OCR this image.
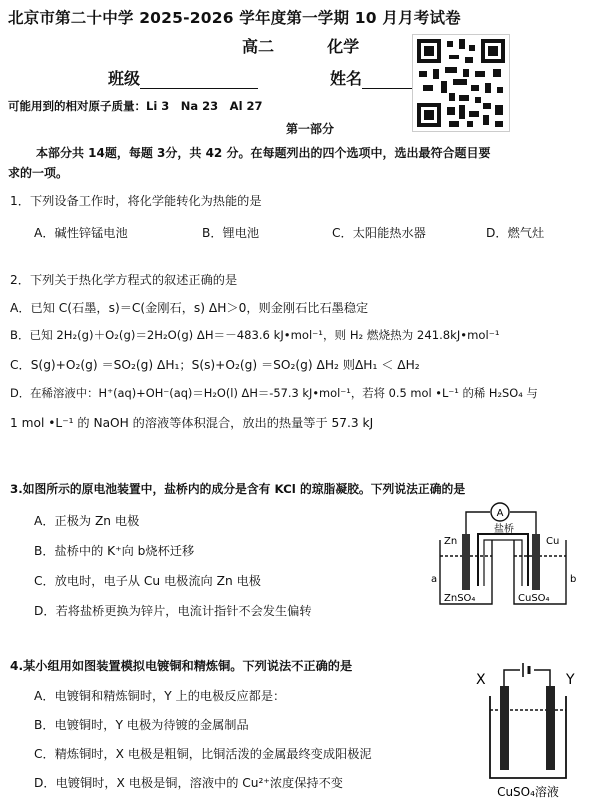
北京市第二十中学 2025-2026 学年度第一学期 10 月月考试卷
高二	化学
班级	姓名
可能用到的相对原子质量：Li 3　Na 23　Al 27
第一部分
本部分共 14题，每题 3分，共 42 分。在每题列出的四个选项中，选出最符合题目要
求的一项。
1．下列设备工作时，将化学能转化为热能的是
A．碱性锌锰电池	B．锂电池	C．太阳能热水器	D．燃气灶
2．下列关于热化学方程式的叙述正确的是
A．已知 C(石墨，s)＝C(金刚石，s) ΔH＞0，则金刚石比石墨稳定
B．已知 2H₂(g)＋O₂(g)＝2H₂O(g) ΔH＝－483.6 kJ•mol⁻¹，则 H₂ 燃烧热为 241.8kJ•mol⁻¹
C．S(g)+O₂(g) ＝SO₂(g) ΔH₁；S(s)+O₂(g) ＝SO₂(g) ΔH₂ 则ΔH₁ ＜ ΔH₂
D．在稀溶液中：H⁺(aq)+OH⁻(aq)＝H₂O(l) ΔH＝-57.3 kJ•mol⁻¹，若将 0.5 mol •L⁻¹ 的稀 H₂SO₄ 与
1 mol •L⁻¹ 的 NaOH 的溶液等体积混合，放出的热量等于 57.3 kJ
3.如图所示的原电池装置中，盐桥内的成分是含有 KCl 的琼脂凝胶。下列说法正确的是
A．正极为 Zn 电极
B．盐桥中的 K⁺向 b烧杯迁移
C．放电时，电子从 Cu 电极流向 Zn 电极
D．若将盐桥更换为锌片，电流计指针不会发生偏转
A
Zn	Cu
盐桥
a	b
ZnSO₄	CuSO₄
4.某小组用如图装置模拟电镀铜和精炼铜。下列说法不正确的是
A．电镀铜和精炼铜时，Y 上的电极反应都是：
B．电镀铜时，Y 电极为待镀的金属制品
C．精炼铜时，X 电极是粗铜，比铜活泼的金属最终变成阳极泥
D．电镀铜时，X 电极是铜，溶液中的 Cu²⁺浓度保持不变
X	Y
CuSO₄溶液
